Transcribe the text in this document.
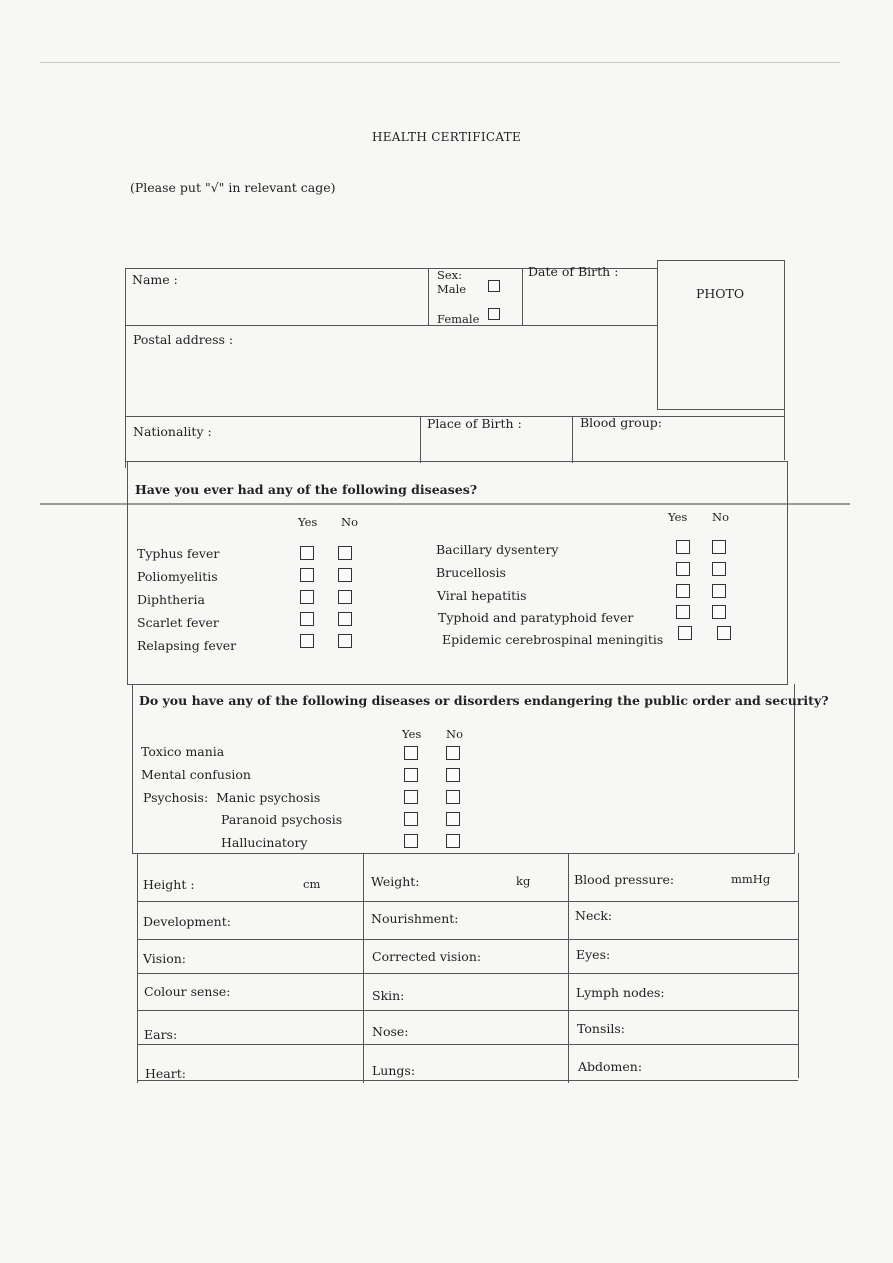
HEALTH CERTIFICATE
(Please put "√" in relevant cage)
Name :	Sex:
Male
Female
Date of Birth :
PHOTO
Postal address :
Nationality :
Place of Birth :	Blood group:
Have you ever had any of the following diseases?
Yes No	Yes No
Typhus fever
Poliomyelitis
Diphtheria
Scarlet fever
Relapsing fever
Bacillary dysentery
Brucellosis
Viral hepatitis
Typhoid and paratyphoid fever
Epidemic cerebrospinal meningitis
Do you have any of the following diseases or disorders endangering the public order and security?
Yes No
Toxico mania
Mental confusion
Psychosis:  Manic psychosis
Paranoid psychosis
Hallucinatory
Height :	cm	Weight:	kg	Blood pressure:	mmHg
Development:	Nourishment:	Neck:
Vision:	Corrected vision:	Eyes:
Colour sense:	Skin:	Lymph nodes:
Ears:	Nose:	Tonsils:
Heart:	Lungs:	Abdomen:
